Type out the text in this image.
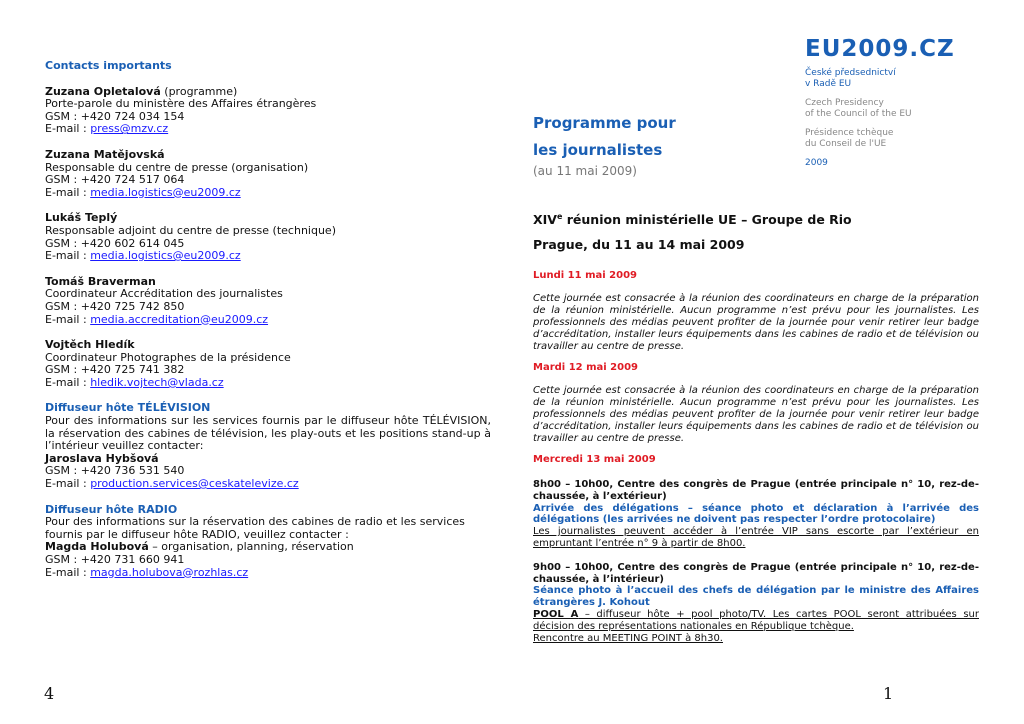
Contacts importants
Zuzana Opletalová (programme)
Porte-parole du ministère des Affaires étrangères
GSM : +420 724 034 154
E-mail : press@mzv.cz
Zuzana Matějovská
Responsable du centre de presse (organisation)
GSM : +420 724 517 064
E-mail : media.logistics@eu2009.cz
Lukáš Teplý
Responsable adjoint du centre de presse (technique)
GSM : +420 602 614 045
E-mail : media.logistics@eu2009.cz
Tomáš Braverman
Coordinateur Accréditation des journalistes
GSM : +420 725 742 850
E-mail : media.accreditation@eu2009.cz
Vojtěch Hledík
Coordinateur Photographes de la présidence
GSM : +420 725 741 382
E-mail : hledik.vojtech@vlada.cz
Diffuseur hôte TÉLÉVISION
Pour des informations sur les services fournis par le diffuseur hôte TÉLÉVISION, la réservation des cabines de télévision, les play-outs et les positions stand-up à l’intérieur veuillez contacter:
Jaroslava Hybšová
GSM : +420 736 531 540
E-mail : production.services@ceskatelevize.cz
Diffuseur hôte RADIO
Pour des informations sur la réservation des cabines de radio et les services fournis par le diffuseur hôte RADIO, veuillez contacter :
Magda Holubová – organisation, planning, réservation
GSM : +420 731 660 941
E-mail : magda.holubova@rozhlas.cz
4
EU2009.CZ
České předsednictví
v Radě EU
Czech Presidency
of the Council of the EU
Présidence tchèque
du Conseil de l'UE
2009
Programme pour
les journalistes
(au 11 mai 2009)
XIVe réunion ministérielle UE – Groupe de Rio
Prague, du 11 au 14 mai 2009
Lundi 11 mai 2009
Cette journée est consacrée à la réunion des coordinateurs en charge de la préparation de la réunion ministérielle. Aucun programme n’est prévu pour les journalistes. Les professionnels des médias peuvent profiter de la journée pour venir retirer leur badge d’accréditation, installer leurs équipements dans les cabines de radio et de télévision ou travailler au centre de presse.
Mardi 12 mai 2009
Cette journée est consacrée à la réunion des coordinateurs en charge de la préparation de la réunion ministérielle. Aucun programme n’est prévu pour les journalistes. Les professionnels des médias peuvent profiter de la journée pour venir retirer leur badge d’accréditation, installer leurs équipements dans les cabines de radio et de télévision ou travailler au centre de presse.
Mercredi 13 mai 2009
8h00 – 10h00, Centre des congrès de Prague (entrée principale n° 10, rez-de-chaussée, à l’extérieur)
Arrivée des délégations – séance photo et déclaration à l’arrivée des délégations (les arrivées ne doivent pas respecter l’ordre protocolaire)
Les journalistes peuvent accéder à l’entrée VIP sans escorte par l’extérieur en empruntant l’entrée n° 9 à partir de 8h00.
9h00 – 10h00, Centre des congrès de Prague (entrée principale n° 10, rez-de-chaussée, à l’intérieur)
Séance photo à l’accueil des chefs de délégation par le ministre des Affaires étrangères J. Kohout
POOL A – diffuseur hôte + pool photo/TV. Les cartes POOL seront attribuées sur décision des représentations nationales en République tchèque.
Rencontre au MEETING POINT à 8h30.
1
